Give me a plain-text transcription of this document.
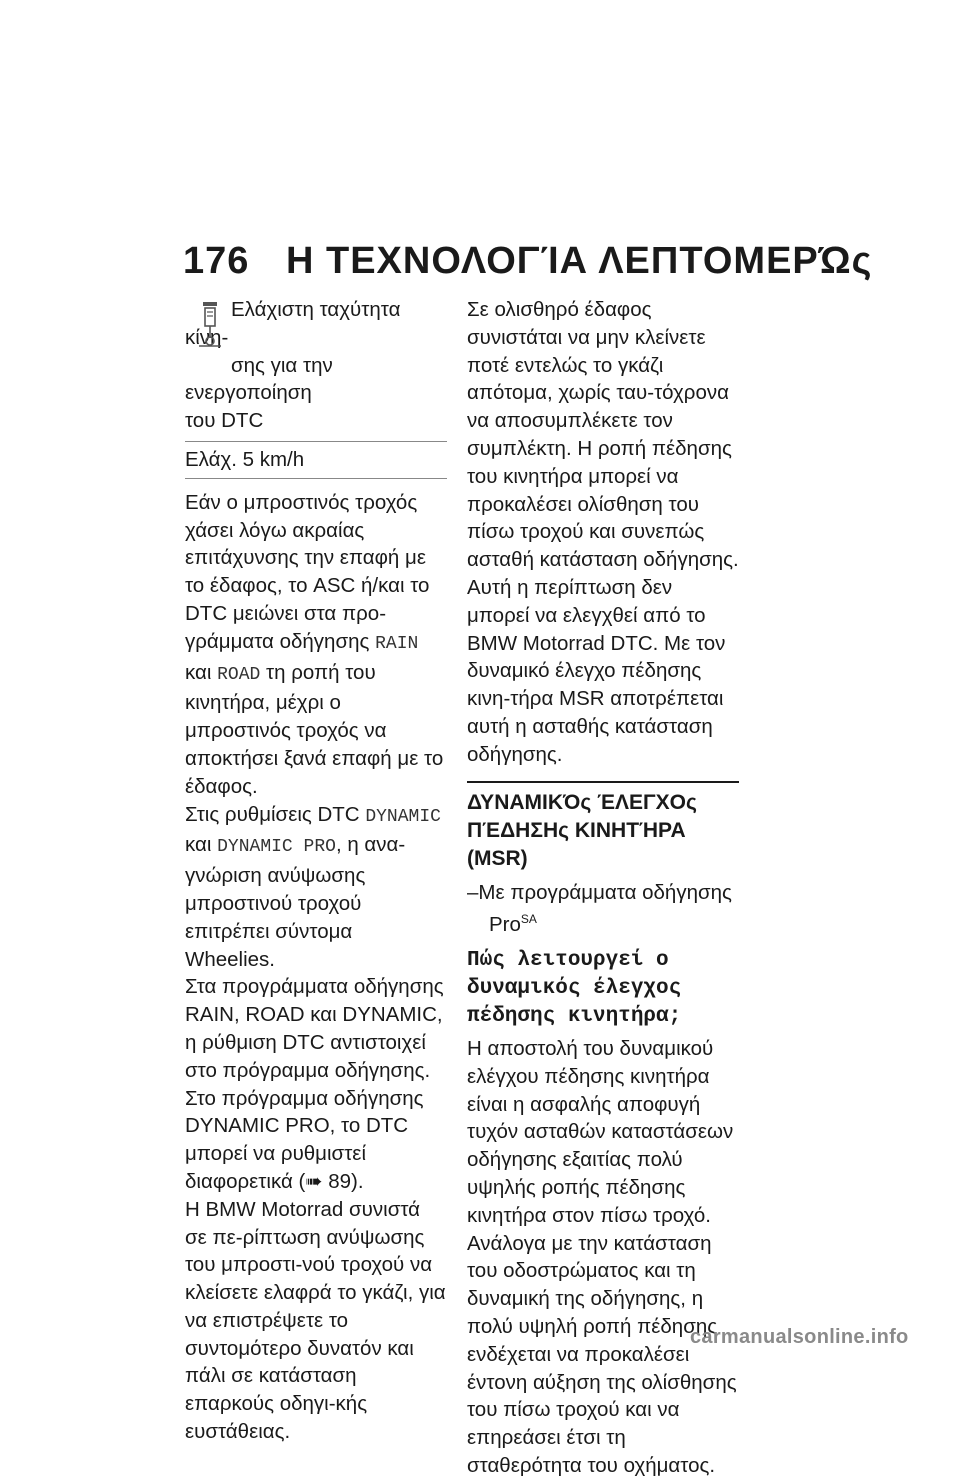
176 Η ΤΕΧΝΟΛΟΓΊΑ ΛΕΠΤΟΜΕΡΏς
Ελάχιστη ταχύτητα κίνη-
σης για την ενεργοποίηση
του DTC
Ελάχ. 5 km/h

Εάν ο μπροστινός τροχός χάσει λόγω ακραίας επιτάχυνσης την επαφή με το έδαφος, το ASC ή/και το DTC μειώνει στα προ-γράμματα οδήγησης RAIN και ROAD τη ροπή του κινητήρα, μέχρι ο μπροστινός τροχός να αποκτήσει ξανά επαφή με το έδαφος.

Στις ρυθμίσεις DTC DYNAMIC και DYNAMIC PRO, η ανα-γνώριση ανύψωσης μπροστινού τροχού επιτρέπει σύντομα Wheelies.

Στα προγράμματα οδήγησης RAIN, ROAD και DYNAMIC, η ρύθμιση DTC αντιστοιχεί στο πρόγραμμα οδήγησης.

Στο πρόγραμμα οδήγησης DYNAMIC PRO, το DTC μπορεί να ρυθμιστεί διαφορετικά (➠ 89).

Η BMW Motorrad συνιστά σε πε-ρίπτωση ανύψωσης του μπροστι-νού τροχού να κλείσετε ελαφρά το γκάζι, για να επιστρέψετε το συντομότερο δυνατόν και πάλι σε κατάσταση επαρκούς οδηγι-κής ευστάθειας.

Σε ολισθηρό έδαφος συνιστάται να μην κλείνετε ποτέ εντελώς το γκάζι απότομα, χωρίς ταυ-τόχρονα να αποσυμπλέκετε τον συμπλέκτη. Η ροπή πέδησης του κινητήρα μπορεί να προκαλέσει ολίσθηση του πίσω τροχού και συνεπώς ασταθή κατάσταση οδήγησης. Αυτή η περίπτωση δεν μπορεί να ελεγχθεί από το BMW Motorrad DTC. Με τον δυναμικό έλεγχο πέδησης κινη-τήρα MSR αποτρέπεται αυτή η ασταθής κατάσταση οδήγησης.

ΔΥΝΑΜΙΚΌς ΈΛΕΓΧΟς
ΠΈΔΗΣΗς ΚΙΝΗΤΉΡΑ (MSR)
–Με προγράμματα οδήγησης Pro$^{SA}$
Πώς λειτουργεί ο δυναμικός έλεγχος πέδησης κινητήρα;

Η αποστολή του δυναμικού ελέγχου πέδησης κινητήρα είναι η ασφαλής αποφυγή τυχόν ασταθών καταστάσεων οδήγησης εξαιτίας πολύ υψηλής ροπής πέδησης κινητήρα στον πίσω τροχό. Ανάλογα με την κατάσταση του οδοστρώματος και τη δυναμική της οδήγησης, η πολύ υψηλή ροπή πέδησης ενδέχεται να προκαλέσει έντονη αύξηση της ολίσθησης του πίσω τροχού και να επηρεάσει έτσι τη σταθερότητα του οχήματος.

carmanualsonline.info
